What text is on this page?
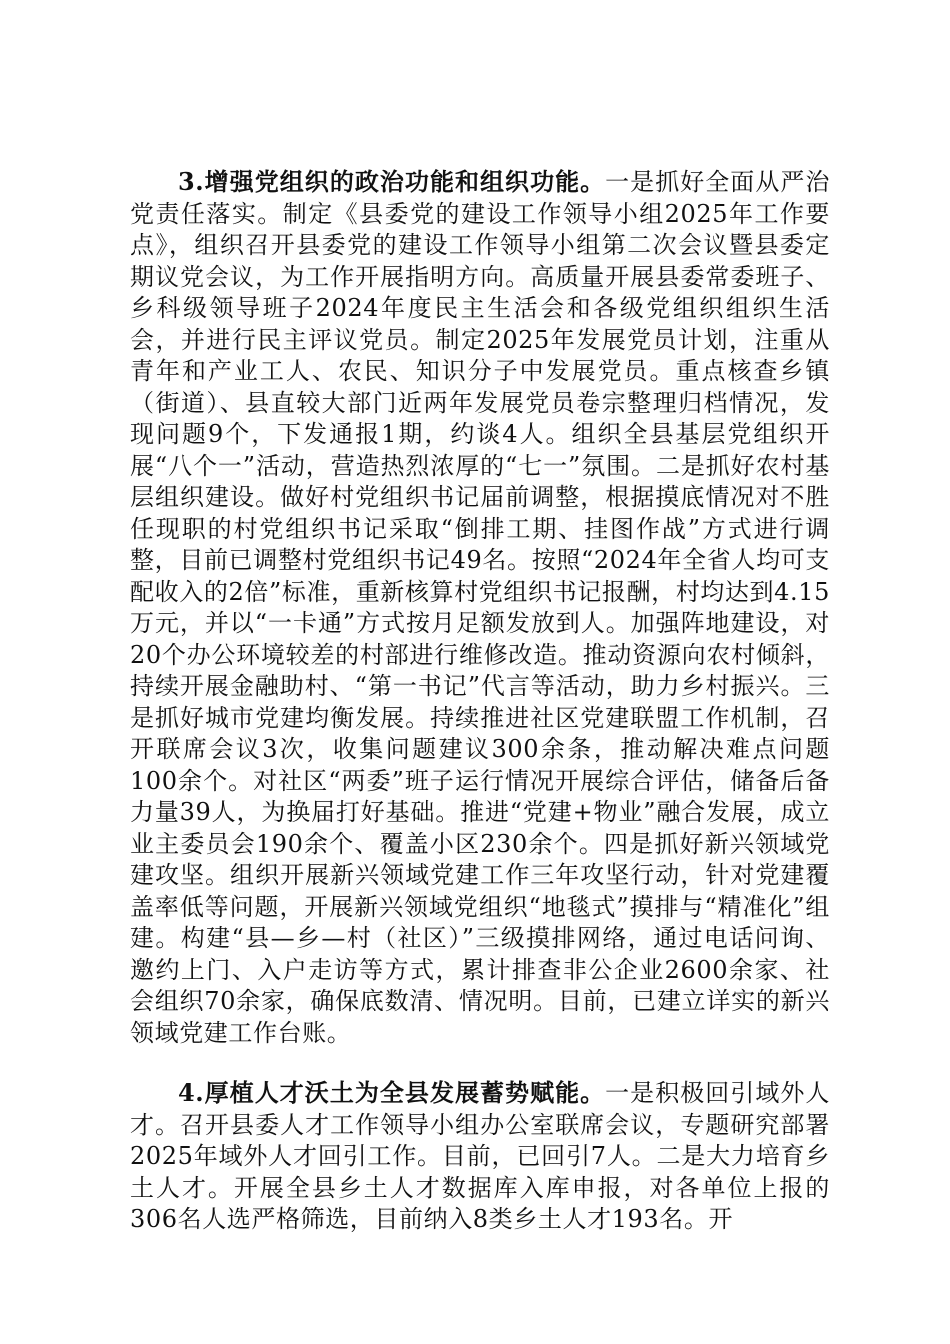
3.增强党组织的政治功能和组织功能。一是抓好全面从严治党责任落实。制定《县委党的建设工作领导小组2025年工作要点》，组织召开县委党的建设工作领导小组第二次会议暨县委定期议党会议，为工作开展指明方向。高质量开展县委常委班子、乡科级领导班子2024年度民主生活会和各级党组织组织生活会，并进行民主评议党员。制定2025年发展党员计划，注重从青年和产业工人、农民、知识分子中发展党员。重点核查乡镇（街道）、县直较大部门近两年发展党员卷宗整理归档情况，发现问题9个，下发通报1期，约谈4人。组织全县基层党组织开展“八个一”活动，营造热烈浓厚的“七一”氛围。二是抓好农村基层组织建设。做好村党组织书记届前调整，根据摸底情况对不胜任现职的村党组织书记采取“倒排工期、挂图作战”方式进行调整，目前已调整村党组织书记49名。按照“2024年全省人均可支配收入的2倍”标准，重新核算村党组织书记报酬，村均达到4.15万元，并以“一卡通”方式按月足额发放到人。加强阵地建设，对20个办公环境较差的村部进行维修改造。推动资源向农村倾斜，持续开展金融助村、“第一书记”代言等活动，助力乡村振兴。三是抓好城市党建均衡发展。持续推进社区党建联盟工作机制，召开联席会议3次，收集问题建议300余条，推动解决难点问题100余个。对社区“两委”班子运行情况开展综合评估，储备后备力量39人，为换届打好基础。推进“党建+物业”融合发展，成立业主委员会190余个、覆盖小区230余个。四是抓好新兴领域党建攻坚。组织开展新兴领域党建工作三年攻坚行动，针对党建覆盖率低等问题，开展新兴领域党组织“地毯式”摸排与“精准化”组建。构建“县—乡—村（社区）”三级摸排网络，通过电话问询、邀约上门、入户走访等方式，累计排查非公企业2600余家、社会组织70余家，确保底数清、情况明。目前，已建立详实的新兴领域党建工作台账。

4.厚植人才沃土为全县发展蓄势赋能。一是积极回引域外人才。召开县委人才工作领导小组办公室联席会议，专题研究部署2025年域外人才回引工作。目前，已回引7人。二是大力培育乡土人才。开展全县乡土人才数据库入库申报，对各单位上报的306名人选严格筛选，目前纳入8类乡土人才193名。开
